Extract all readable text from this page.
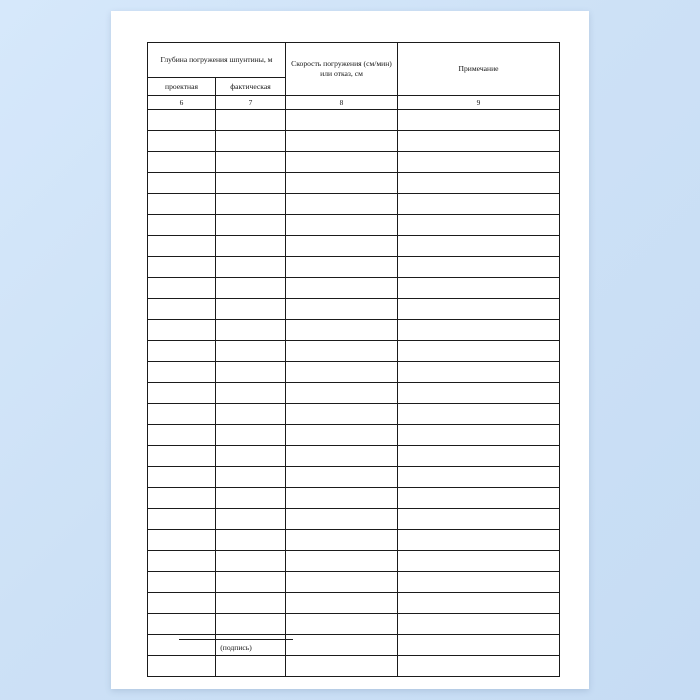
Глубина погружения шпунтины, м		Скорость погружения (см/мин) или отказ, см	Примечание
проектная	фактическая		
6	7	8	9

(подпись)
